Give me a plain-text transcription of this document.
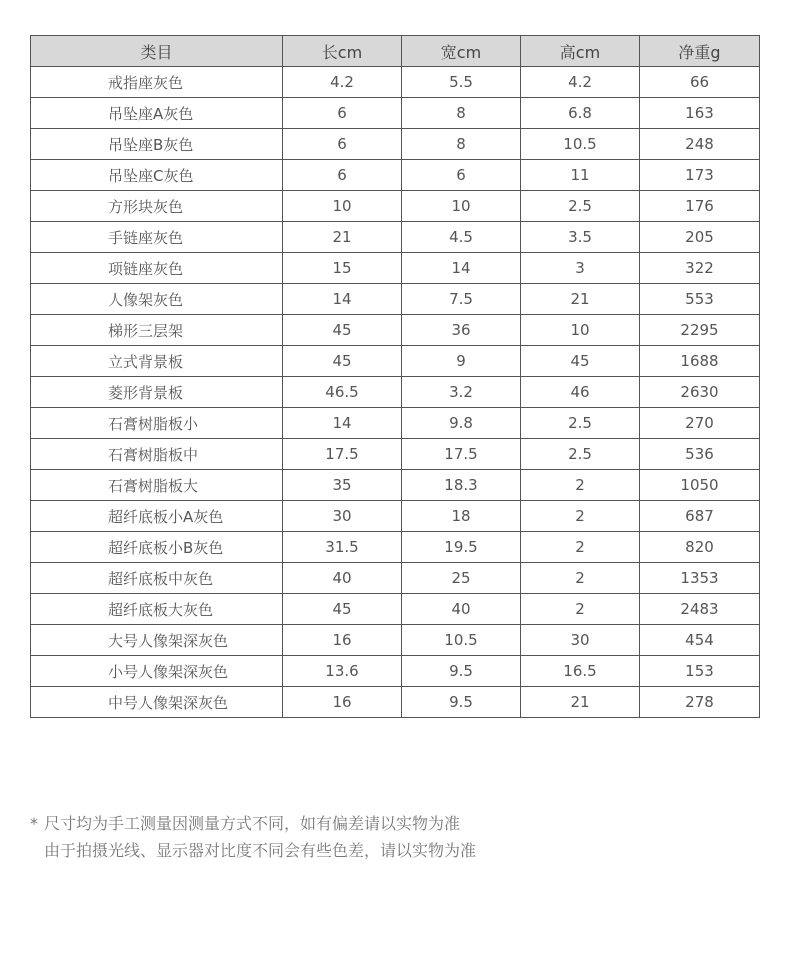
类目	长cm	宽cm	高cm	净重g
戒指座灰色	4.2	5.5	4.2	66
吊坠座A灰色	6	8	6.8	163
吊坠座B灰色	6	8	10.5	248
吊坠座C灰色	6	6	11	173
方形块灰色	10	10	2.5	176
手链座灰色	21	4.5	3.5	205
项链座灰色	15	14	3	322
人像架灰色	14	7.5	21	553
梯形三层架	45	36	10	2295
立式背景板	45	9	45	1688
菱形背景板	46.5	3.2	46	2630
石膏树脂板小	14	9.8	2.5	270
石膏树脂板中	17.5	17.5	2.5	536
石膏树脂板大	35	18.3	2	1050
超纤底板小A灰色	30	18	2	687
超纤底板小B灰色	31.5	19.5	2	820
超纤底板中灰色	40	25	2	1353
超纤底板大灰色	45	40	2	2483
大号人像架深灰色	16	10.5	30	454
小号人像架深灰色	13.6	9.5	16.5	153
中号人像架深灰色	16	9.5	21	278
* 尺寸均为手工测量因测量方式不同，如有偏差请以实物为准
由于拍摄光线、显示器对比度不同会有些色差，请以实物为准
